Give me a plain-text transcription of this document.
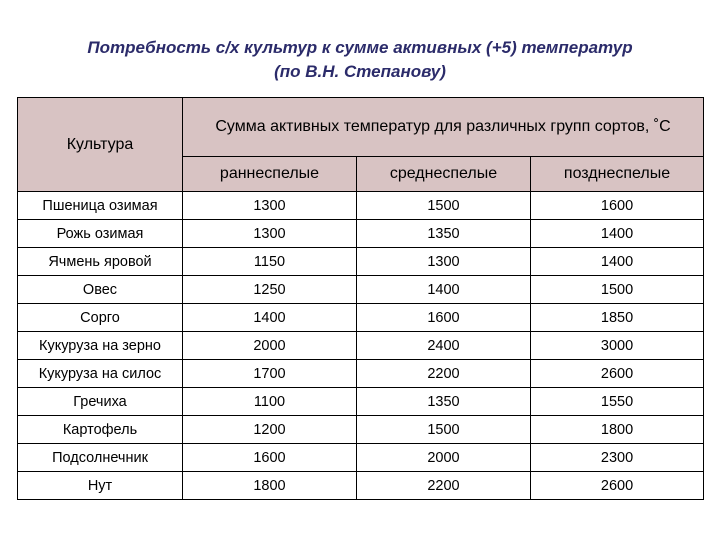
Потребность с/х культур к сумме активных (+5) температур
(по В.Н. Степанову)
Культура	Сумма активных температур для различных групп сортов, ˚С		
	раннеспелые	среднеспелые	позднеспелые
Пшеница озимая	1300	1500	1600
Рожь озимая	1300	1350	1400
Ячмень яровой	1150	1300	1400
Овес	1250	1400	1500
Сорго	1400	1600	1850
Кукуруза на зерно	2000	2400	3000
Кукуруза на силос	1700	2200	2600
Гречиха	1100	1350	1550
Картофель	1200	1500	1800
Подсолнечник	1600	2000	2300
Нут	1800	2200	2600
